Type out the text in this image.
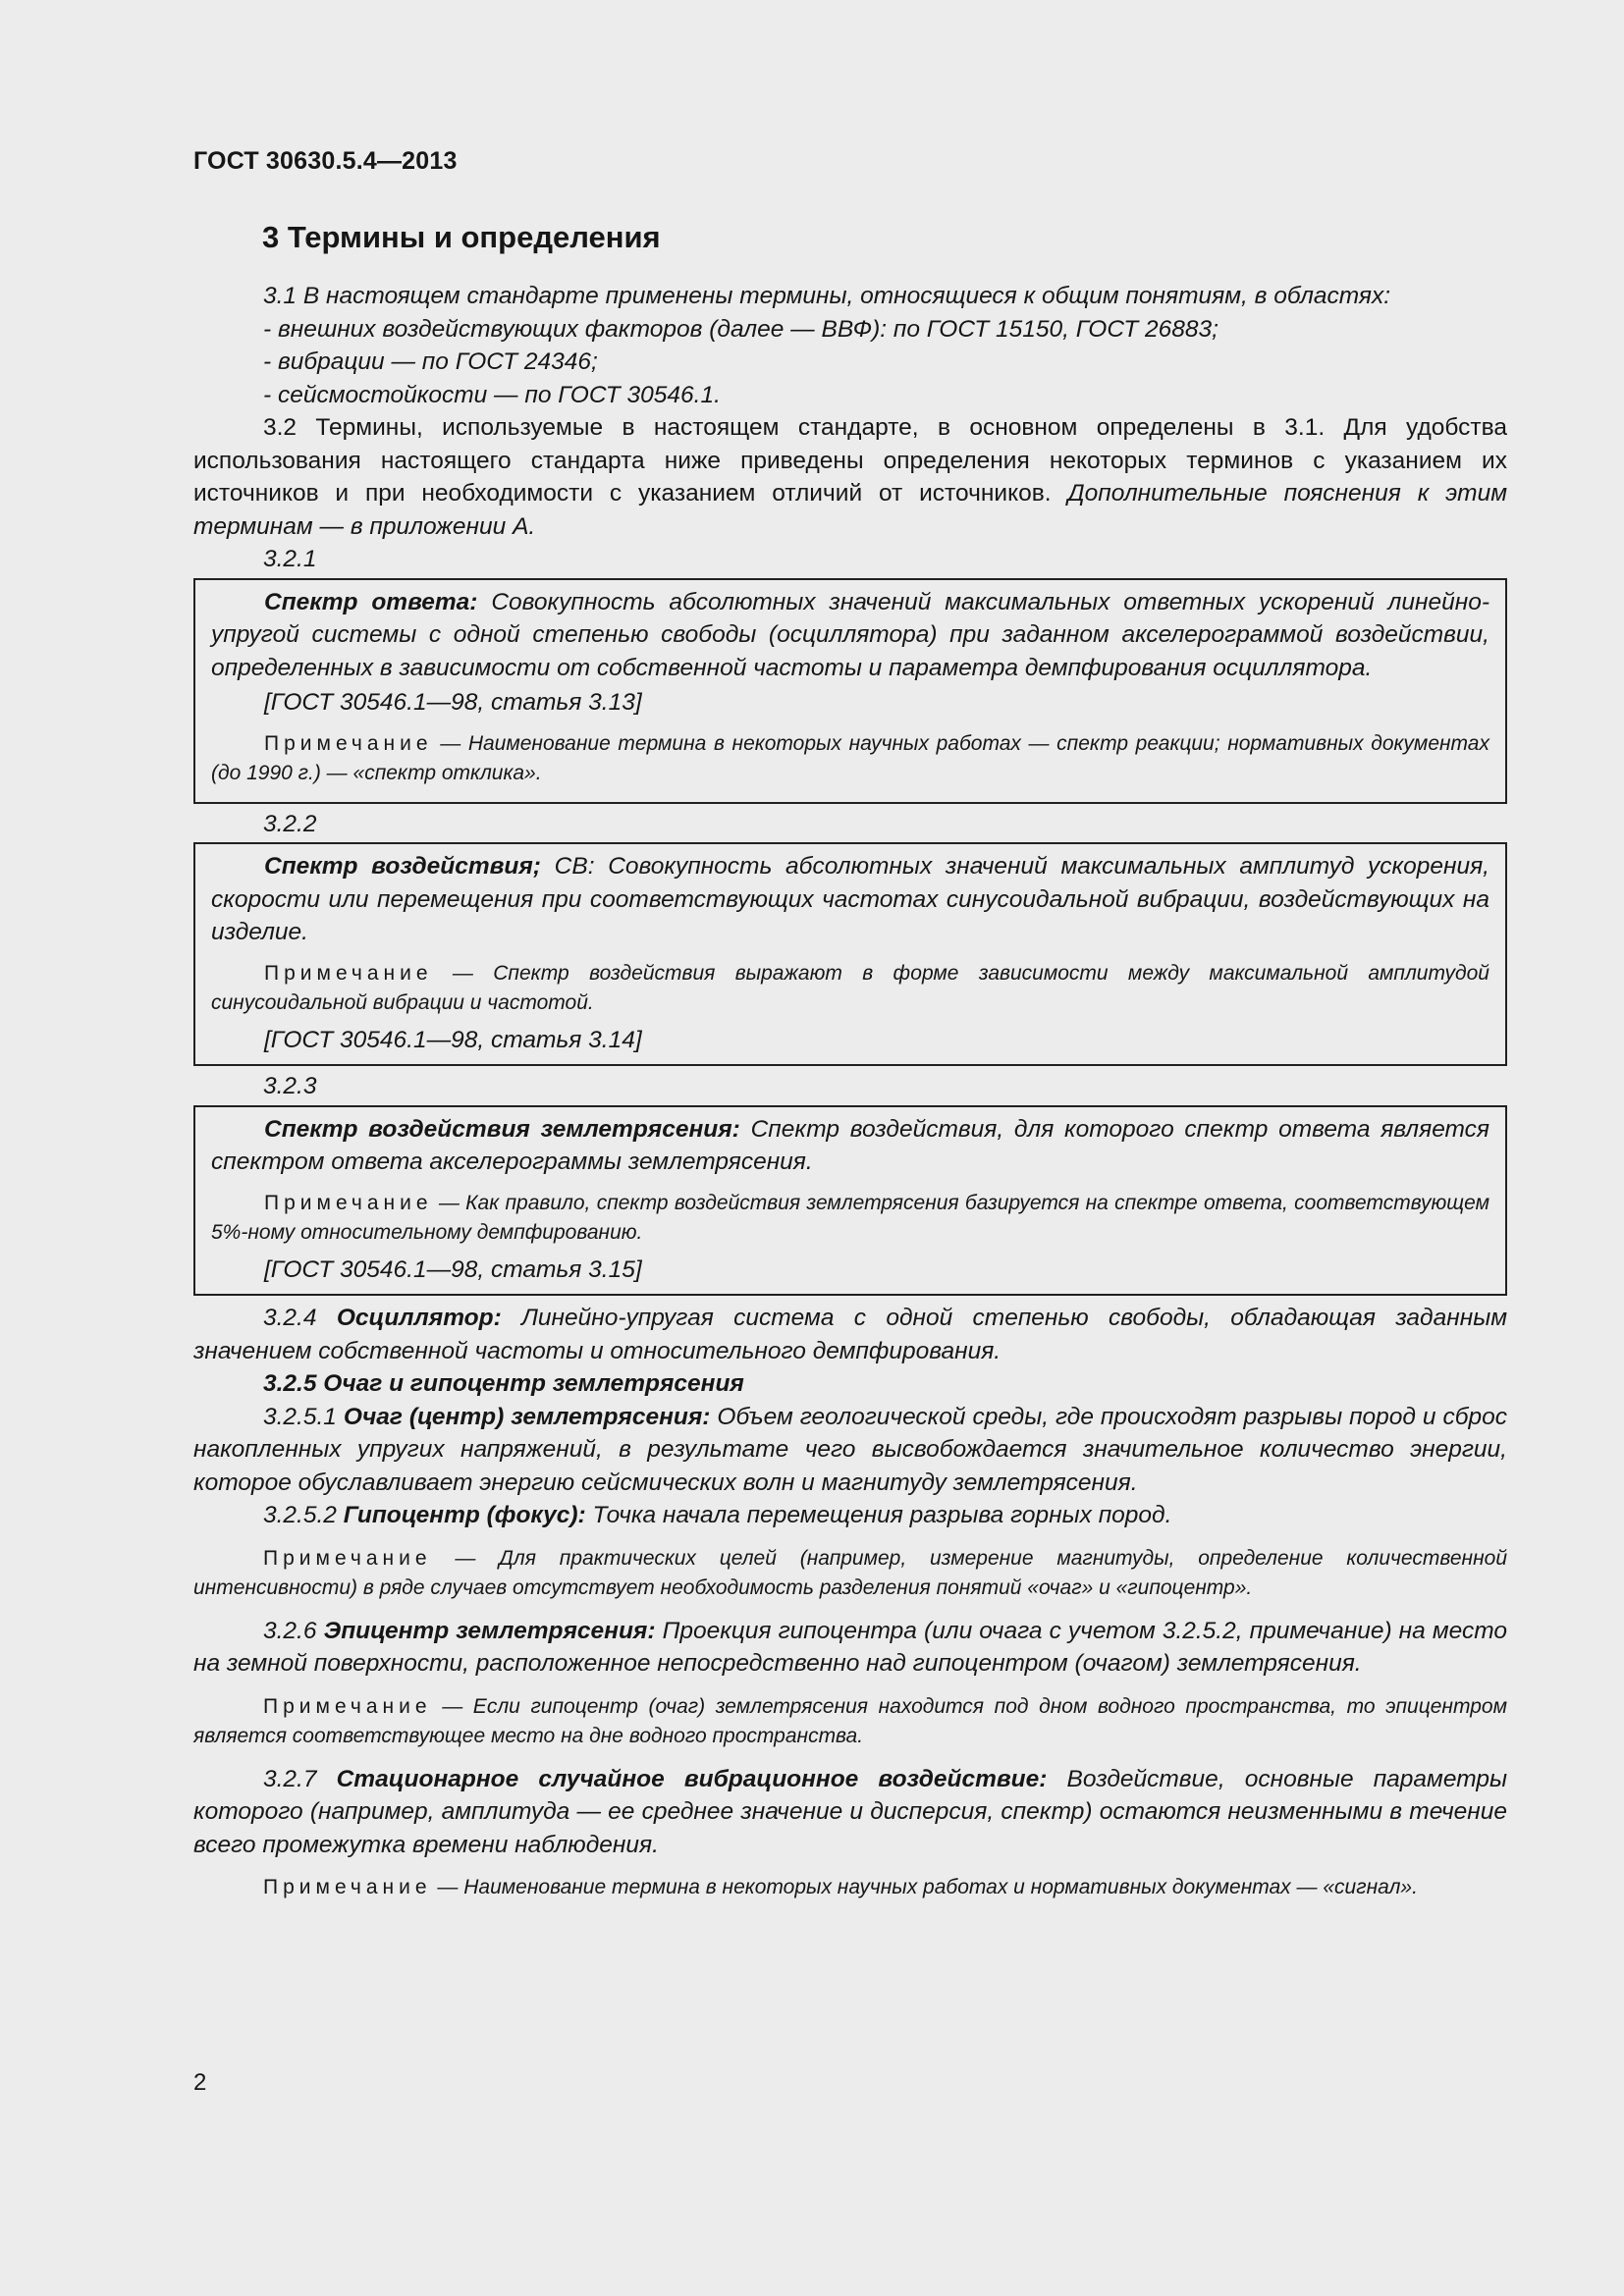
ГОСТ 30630.5.4—2013
3 Термины и определения

3.1 В настоящем стандарте применены термины, относящиеся к общим понятиям, в областях:

- внешних воздействующих факторов (далее — ВВФ): по ГОСТ 15150, ГОСТ 26883;

- вибрации — по ГОСТ 24346;

- сейсмостойкости — по ГОСТ 30546.1.

3.2 Термины, используемые в настоящем стандарте, в основном определены в 3.1. Для удобства использования настоящего стандарта ниже приведены определения некоторых терминов с указанием их источников и при необходимости с указанием отличий от источников. Дополнительные пояснения к этим терминам — в приложении А.

3.2.1

Спектр ответа: Совокупность абсолютных значений максимальных ответных ускорений линейно-упругой системы с одной степенью свободы (осциллятора) при заданном акселерограммой воздействии, определенных в зависимости от собственной частоты и параметра демпфирования осциллятора.

[ГОСТ 30546.1—98, статья 3.13]
Примечание — Наименование термина в некоторых научных работах — спектр реакции; нормативных документах (до 1990 г.) — «спектр отклика».
3.2.2

Спектр воздействия; СВ: Совокупность абсолютных значений максимальных амплитуд ускорения, скорости или перемещения при соответствующих частотах синусоидальной вибрации, воздействующих на изделие.

Примечание — Спектр воздействия выражают в форме зависимости между максимальной амплитудой синусоидальной вибрации и частотой.
[ГОСТ 30546.1—98, статья 3.14]
3.2.3

Спектр воздействия землетрясения: Спектр воздействия, для которого спектр ответа является спектром ответа акселерограммы землетрясения.

Примечание — Как правило, спектр воздействия землетрясения базируется на спектре ответа, соответствующем 5%-ному относительному демпфированию.
[ГОСТ 30546.1—98, статья 3.15]

3.2.4 Осциллятор: Линейно-упругая система с одной степенью свободы, обладающая заданным значением собственной частоты и относительного демпфирования.

3.2.5 Очаг и гипоцентр землетрясения

3.2.5.1 Очаг (центр) землетрясения: Объем геологической среды, где происходят разрывы пород и сброс накопленных упругих напряжений, в результате чего высвобождается значительное количество энергии, которое обуславливает энергию сейсмических волн и магнитуду землетрясения.

3.2.5.2 Гипоцентр (фокус): Точка начала перемещения разрыва горных пород.

Примечание — Для практических целей (например, измерение магнитуды, определение количественной интенсивности) в ряде случаев отсутствует необходимость разделения понятий «очаг» и «гипоцентр».

3.2.6 Эпицентр землетрясения: Проекция гипоцентра (или очага с учетом 3.2.5.2, примечание) на место на земной поверхности, расположенное непосредственно над гипоцентром (очагом) землетрясения.

Примечание — Если гипоцентр (очаг) землетрясения находится под дном водного пространства, то эпицентром является соответствующее место на дне водного пространства.

3.2.7 Стационарное случайное вибрационное воздействие: Воздействие, основные параметры которого (например, амплитуда — ее среднее значение и дисперсия, спектр) остаются неизменными в течение всего промежутка времени наблюдения.

Примечание — Наименование термина в некоторых научных работах и нормативных документах — «сигнал».
2
